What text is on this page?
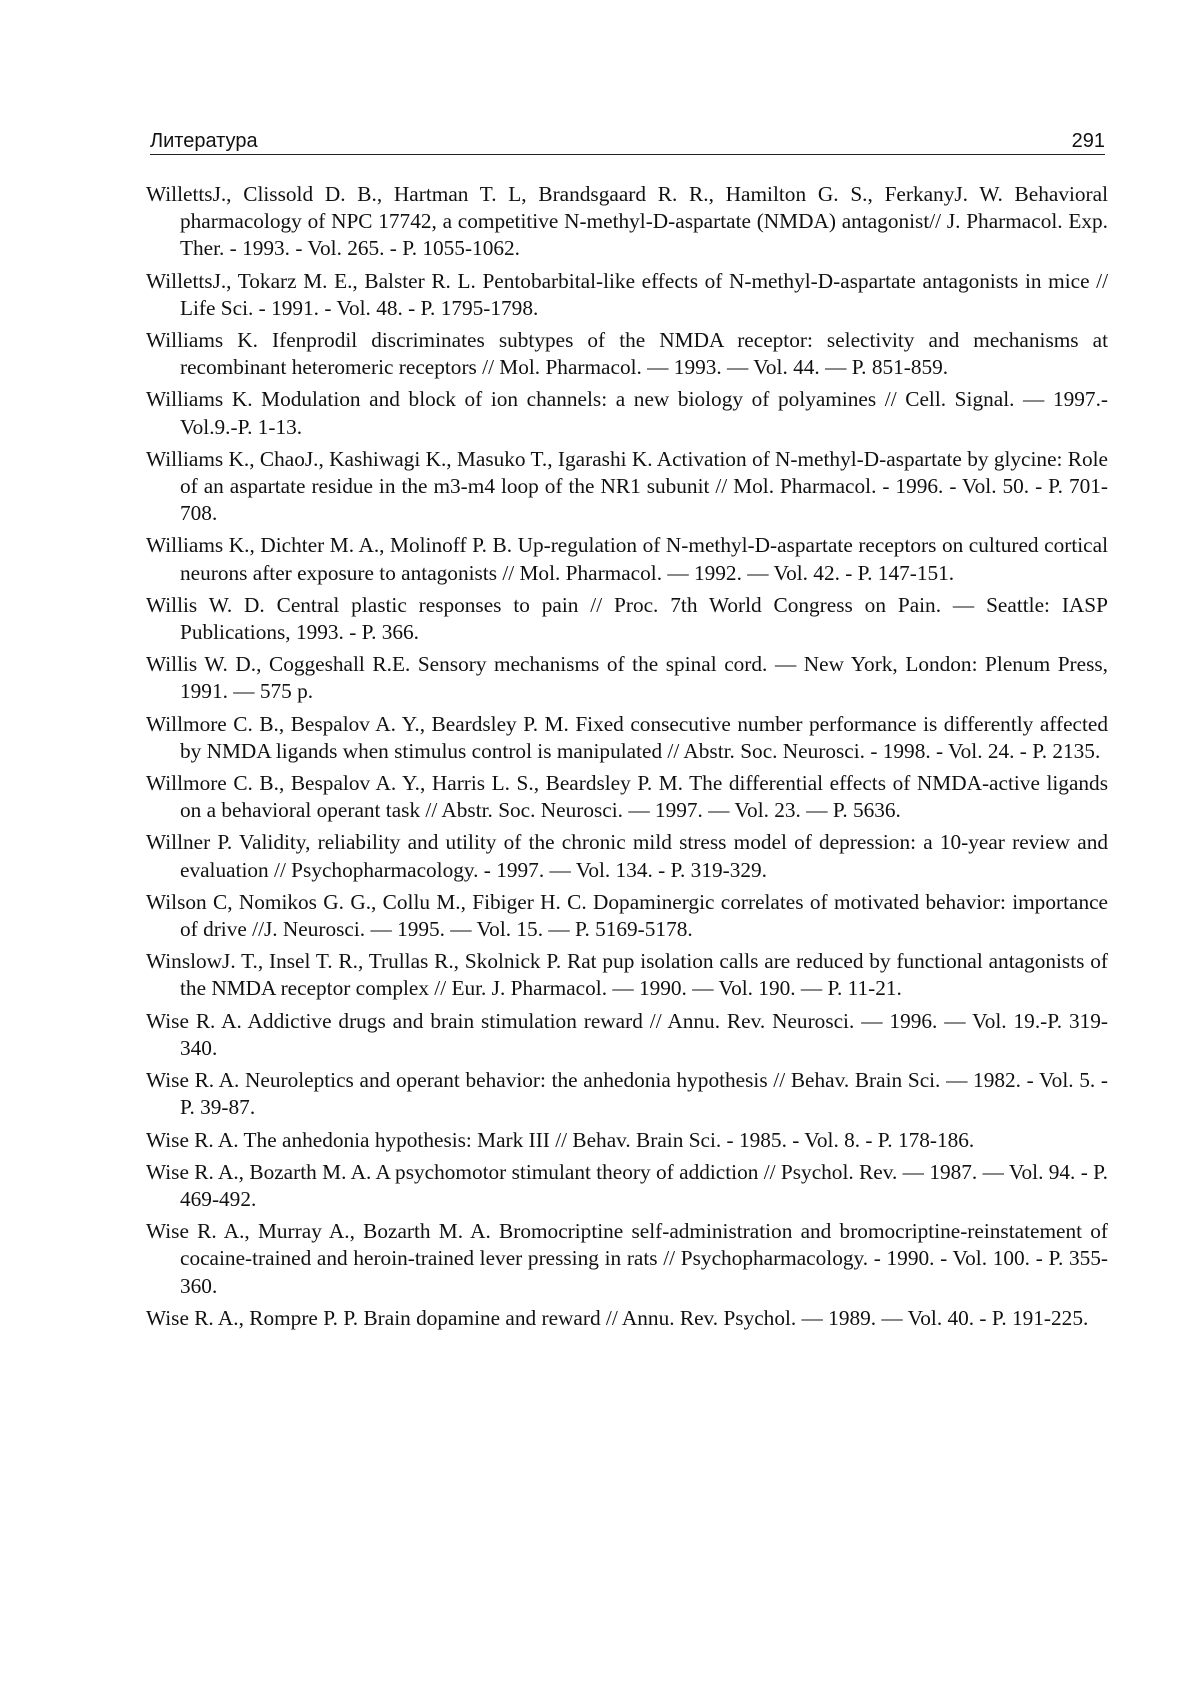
Литература	291
WillettsJ., Clissold D. B., Hartman T. L, Brandsgaard R. R., Hamilton G. S., FerkanyJ. W. Behavioral pharmacology of NPC 17742, a competitive N-methyl-D-aspartate (NMDA) antagonist// J. Pharmacol. Exp. Ther. - 1993. - Vol. 265. - P. 1055-1062.
WillettsJ., Tokarz M. E., Balster R. L. Pentobarbital-like effects of N-methyl-D-aspartate antagonists in mice // Life Sci. - 1991. - Vol. 48. - P. 1795-1798.
Williams K. Ifenprodil discriminates subtypes of the NMDA receptor: selectivity and mechanisms at recombinant heteromeric receptors // Mol. Pharmacol. — 1993. — Vol. 44. — P. 851-859.
Williams K. Modulation and block of ion channels: a new biology of polyamines // Cell. Signal. — 1997.-Vol.9.-P. 1-13.
Williams K., ChaoJ., Kashiwagi K., Masuko T., Igarashi K. Activation of N-methyl-D-aspartate by glycine: Role of an aspartate residue in the m3-m4 loop of the NR1 subunit // Mol. Pharmacol. - 1996. - Vol. 50. - P. 701-708.
Williams K., Dichter M. A., Molinoff P. B. Up-regulation of N-methyl-D-aspartate receptors on cultured cortical neurons after exposure to antagonists // Mol. Pharmacol. — 1992. — Vol. 42. - P. 147-151.
Willis W. D. Central plastic responses to pain // Proc. 7th World Congress on Pain. — Seattle: IASP Publications, 1993. - P. 366.
Willis W. D., Coggeshall R.E. Sensory mechanisms of the spinal cord. — New York, London: Plenum Press, 1991. — 575 p.
Willmore C. B., Bespalov A. Y., Beardsley P. M. Fixed consecutive number performance is differently affected by NMDA ligands when stimulus control is manipulated // Abstr. Soc. Neurosci. - 1998. - Vol. 24. - P. 2135.
Willmore C. B., Bespalov A. Y., Harris L. S., Beardsley P. M. The differential effects of NMDA-active ligands on a behavioral operant task // Abstr. Soc. Neurosci. — 1997. — Vol. 23. — P. 5636.
Willner P. Validity, reliability and utility of the chronic mild stress model of depression: a 10-year review and evaluation // Psychopharmacology. - 1997. — Vol. 134. - P. 319-329.
Wilson C, Nomikos G. G., Collu M., Fibiger H. C. Dopaminergic correlates of motivated behavior: importance of drive //J. Neurosci. — 1995. — Vol. 15. — P. 5169-5178.
WinslowJ. T., Insel T. R., Trullas R., Skolnick P. Rat pup isolation calls are reduced by functional antagonists of the NMDA receptor complex // Eur. J. Pharmacol. — 1990. — Vol. 190. — P. 11-21.
Wise R. A. Addictive drugs and brain stimulation reward // Annu. Rev. Neurosci. — 1996. — Vol. 19.-P. 319-340.
Wise R. A. Neuroleptics and operant behavior: the anhedonia hypothesis // Behav. Brain Sci. — 1982. - Vol. 5. - P. 39-87.
Wise R. A. The anhedonia hypothesis: Mark III // Behav. Brain Sci. - 1985. - Vol. 8. - P. 178-186.
Wise R. A., Bozarth M. A. A psychomotor stimulant theory of addiction // Psychol. Rev. — 1987. — Vol. 94. - P. 469-492.
Wise R. A., Murray A., Bozarth M. A. Bromocriptine self-administration and bromocriptine-reinstatement of cocaine-trained and heroin-trained lever pressing in rats // Psychopharmacology. - 1990. - Vol. 100. - P. 355-360.
Wise R. A., Rompre P. P. Brain dopamine and reward // Annu. Rev. Psychol. — 1989. — Vol. 40. - P. 191-225.
